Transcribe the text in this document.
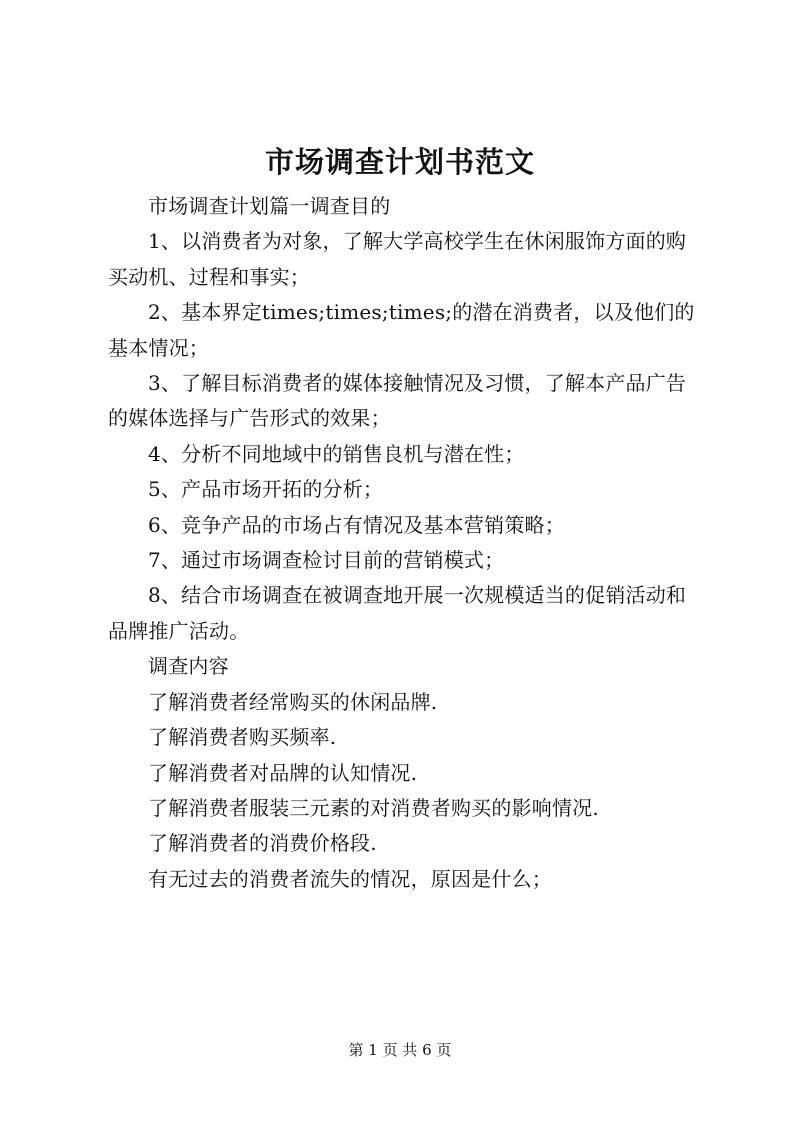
市场调查计划书范文

市场调查计划篇一调查目的

1、以消费者为对象，了解大学高校学生在休闲服饰方面的购买动机、过程和事实；

2、基本界定times;times;times;的潜在消费者，以及他们的基本情况；

3、了解目标消费者的媒体接触情况及习惯，了解本产品广告的媒体选择与广告形式的效果；

4、分析不同地域中的销售良机与潜在性；

5、产品市场开拓的分析；

6、竞争产品的市场占有情况及基本营销策略；

7、通过市场调查检讨目前的营销模式；

8、结合市场调查在被调查地开展一次规模适当的促销活动和品牌推广活动。

调查内容

了解消费者经常购买的休闲品牌.

了解消费者购买频率.

了解消费者对品牌的认知情况.

了解消费者服装三元素的对消费者购买的影响情况.

了解消费者的消费价格段.

有无过去的消费者流失的情况，原因是什么；

第 1 页 共 6 页
